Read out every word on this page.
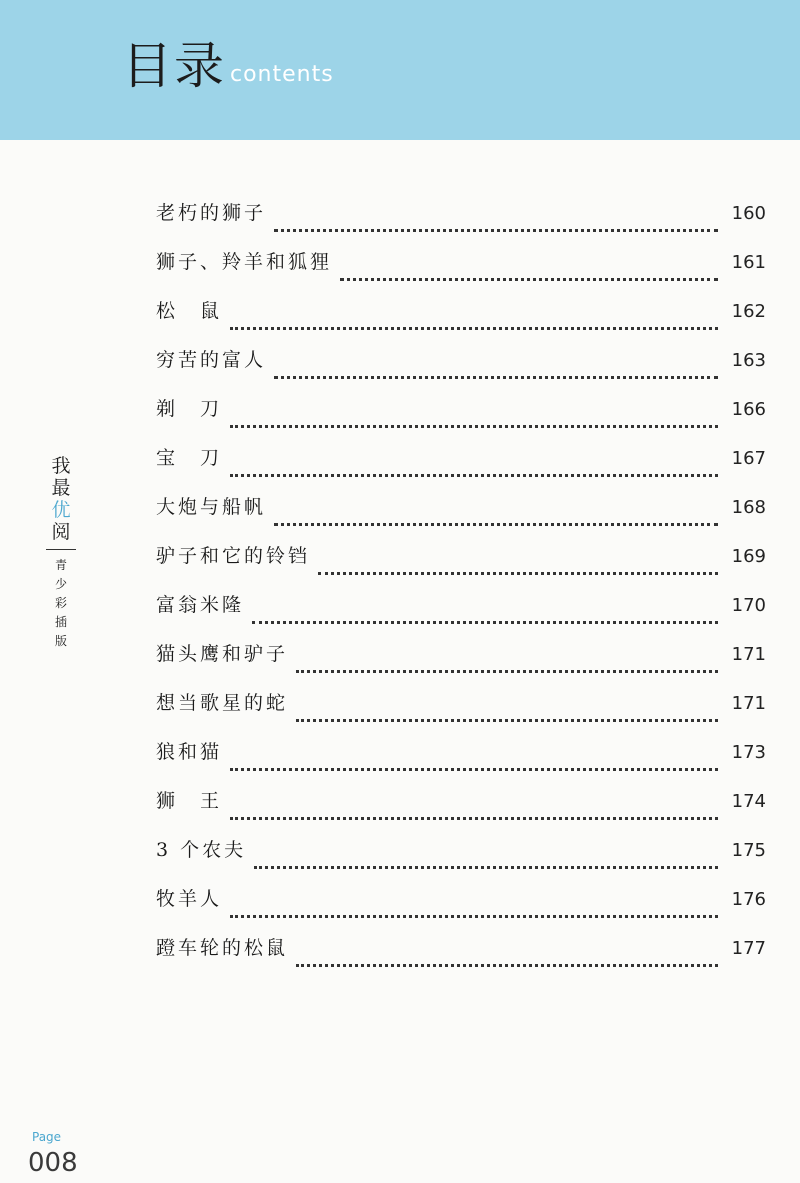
目录 contents
我
最
优
阅
青
少
彩
插
版
老朽的狮子	160
狮子、羚羊和狐狸	161
松　鼠	162
穷苦的富人	163
剃　刀	166
宝　刀	167
大炮与船帆	168
驴子和它的铃铛	169
富翁米隆	170
猫头鹰和驴子	171
想当歌星的蛇	171
狼和猫	173
狮　王	174
3 个农夫	175
牧羊人	176
蹬车轮的松鼠	177
Page
008
